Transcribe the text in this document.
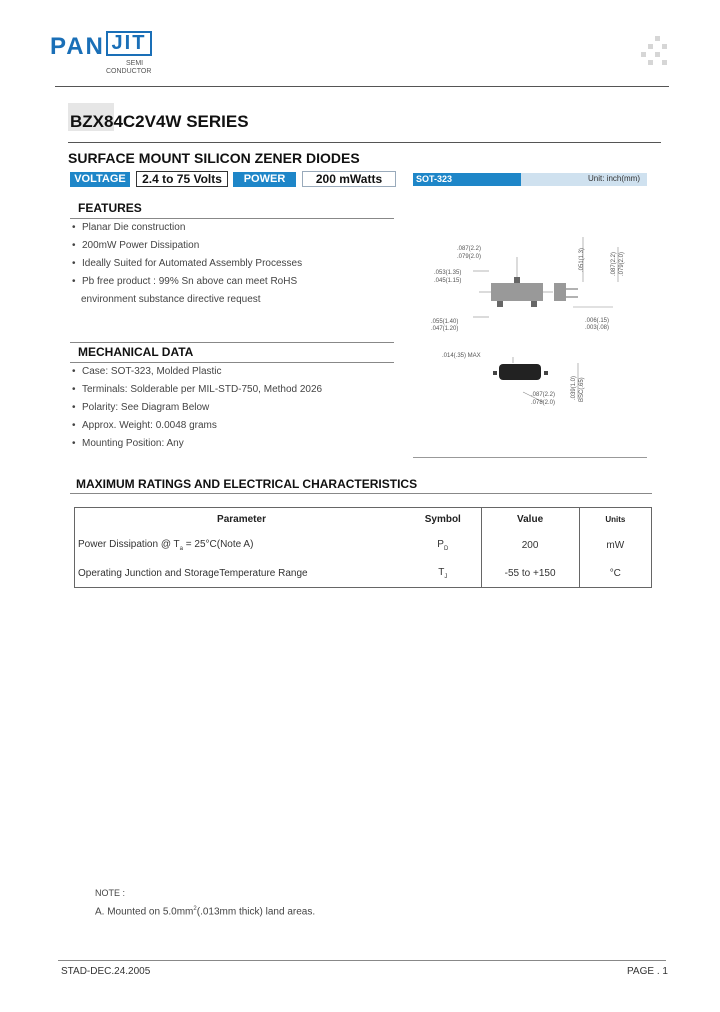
PAN JIT
SEMI
CONDUCTOR
BZX84C2V4W SERIES
SURFACE MOUNT SILICON ZENER DIODES
VOLTAGE	2.4 to 75 Volts	POWER	200 mWatts
FEATURES
• Planar Die construction
• 200mW Power Dissipation
• Ideally Suited for Automated Assembly Processes
• Pb free product : 99% Sn above can meet RoHS
environment substance directive request
MECHANICAL DATA
• Case: SOT-323, Molded Plastic
• Terminals: Solderable per MIL-STD-750, Method 2026
• Polarity: See Diagram Below
• Approx. Weight: 0.0048 grams
• Mounting Position: Any
SOT-323	Unit: inch(mm)
.087(2.2)
.079(2.0)
.053(1.35)
.045(1.15)
.055(1.40)
.047(1.20)
.006(.15)
.003(.08)
.014(.35) MAX
.087(2.2)
.078(2.0)
.051(1.3)	.087(2.2) .079(2.0)
.039(1.0) BSC(.65)
MAXIMUM RATINGS AND ELECTRICAL CHARACTERISTICS
Parameter	Symbol	Value	Units
Power Dissipation @ $T_a$ = 25°C(Note A)	$P_D$	200	mW
Operating Junction and StorageTemperature Range	$T_J$	-55 to +150	°C
NOTE :
A. Mounted on $5.0mm^2(.013mm$ thick) land areas.
STAD-DEC.24.2005	PAGE . 1
